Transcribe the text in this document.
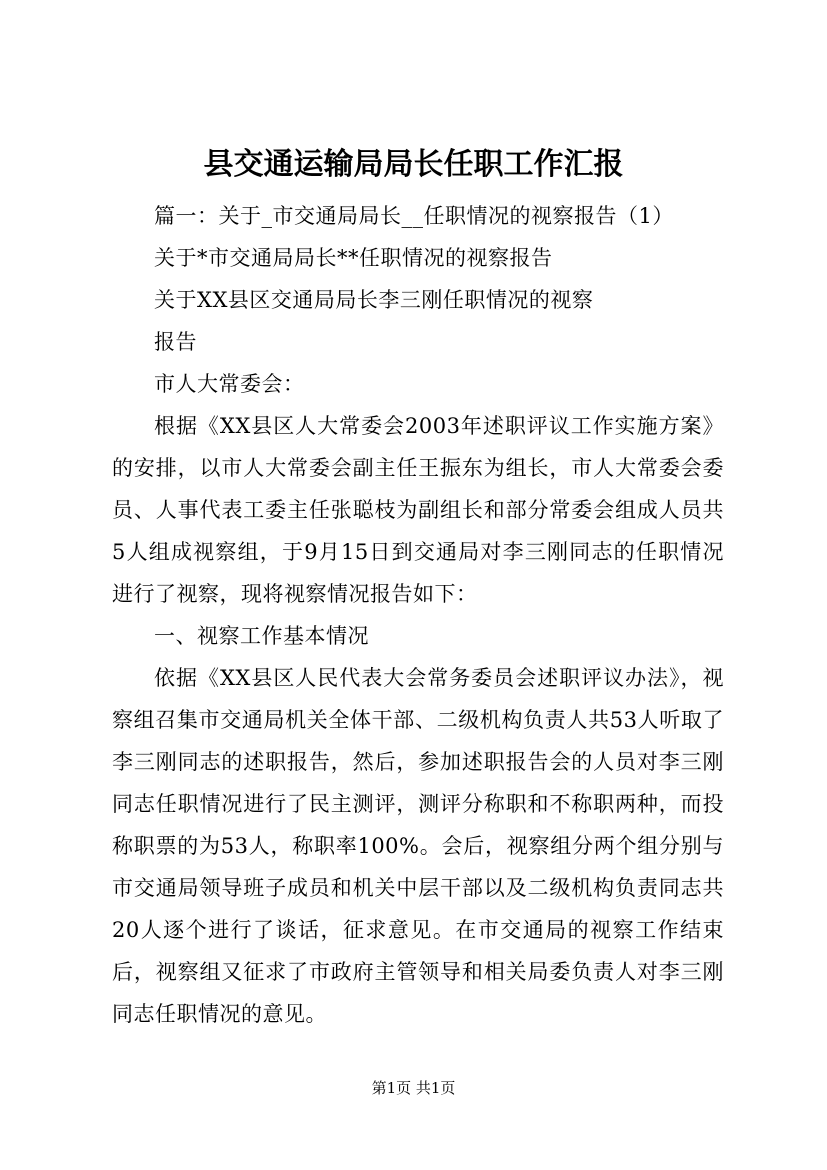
县交通运输局局长任职工作汇报

篇一：关于_市交通局局长__任职情况的视察报告（1）

关于*市交通局局长**任职情况的视察报告

关于XX县区交通局局长李三刚任职情况的视察

报告

市人大常委会：

根据《XX县区人大常委会2003年述职评议工作实施方案》的安排，以市人大常委会副主任王振东为组长，市人大常委会委员、人事代表工委主任张聪枝为副组长和部分常委会组成人员共5人组成视察组，于9月15日到交通局对李三刚同志的任职情况进行了视察，现将视察情况报告如下：

一、视察工作基本情况

依据《XX县区人民代表大会常务委员会述职评议办法》，视察组召集市交通局机关全体干部、二级机构负责人共53人听取了李三刚同志的述职报告，然后，参加述职报告会的人员对李三刚同志任职情况进行了民主测评，测评分称职和不称职两种，而投称职票的为53人，称职率100%。会后，视察组分两个组分别与市交通局领导班子成员和机关中层干部以及二级机构负责同志共20人逐个进行了谈话，征求意见。在市交通局的视察工作结束后，视察组又征求了市政府主管领导和相关局委负责人对李三刚同志任职情况的意见。

第1页 共1页
